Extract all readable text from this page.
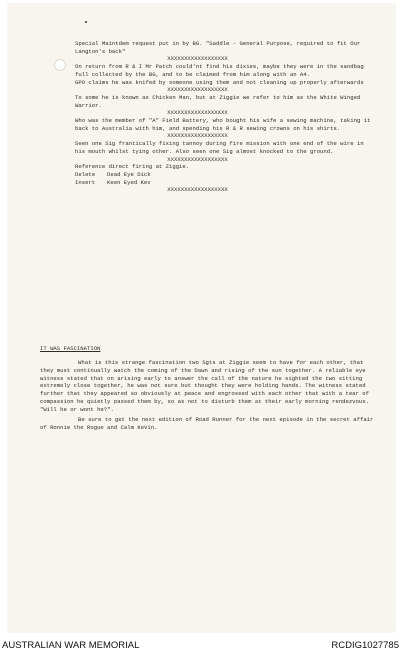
Special Maintdem request put in by BG. "Saddle - General Purpose, required to fit Our Langton's back"

XXXXXXXXXXXXXXXXXX

On return from R & I Mr Patch could'nt find his dixies, maybe they were in the sandbag full collected by the BG, and to be claimed from him along with an A4.

GPO claims he was knifed by someone using them and not cleaning up properly afterwards

XXXXXXXXXXXXXXXXXX

To some he is known as Chicken Man, but at Ziggie we refer to him as the White Winged Warrior.

XXXXXXXXXXXXXXXXXX

Who was the member of "A" Field Battery, who bought his wife a sewing machine, taking it back to Australia with him, and spending his R & R sewing crowns on his shirts.

XXXXXXXXXXXXXXXXXX

Seen one Sig frantically fixing tannoy during fire mission with one end of the wire in his mouth whilst tying other. Also seen one Sig almost knocked to the ground.

XXXXXXXXXXXXXXXXXX

Reference direct firing at Ziggie.

Delete	Dead Eye Dick
Insert	Keen Eyed Kev

XXXXXXXXXXXXXXXXXX

IT WAS FASCINATION

What is this strange fascination two Sgts at Ziggie seem to have for each other, that they must continually watch the coming of the Dawn and rising of the sun together. A reliable eye witness stated that on arising early to answer the call of the nature he sighted the two sitting extremely close together, he was not sure but thought they were holding hands. The witness stated further that they appeared so obviously at peace and engrossed with each other that with a tear of compassion he quietly passed them by, so as not to disturb them at their early morning rendezvous. "Will he or wont he?".

Be sure to get the next edition of Road Runner for the next episode in the secret affair of Ronnie the Rogue and Calm Kevin.

AUSTRALIAN WAR MEMORIAL	RCDIG1027785
